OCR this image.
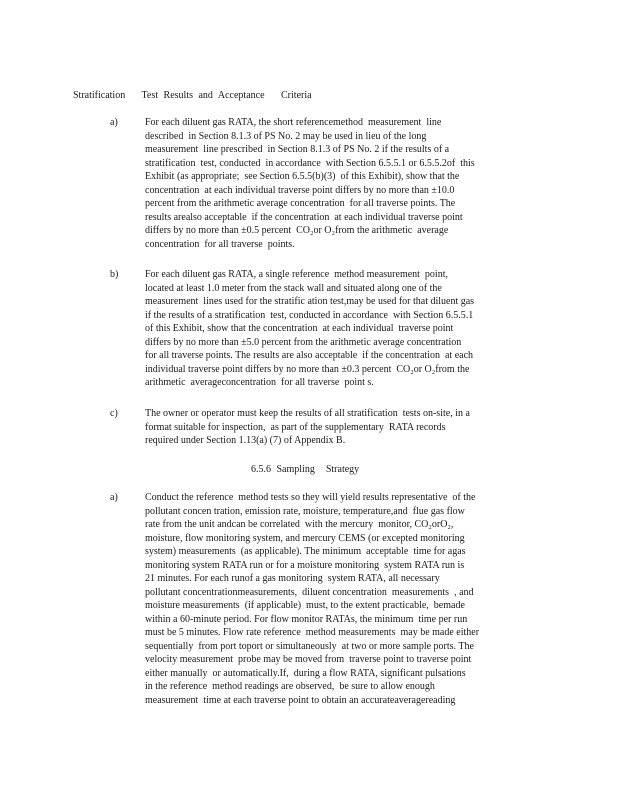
Stratification   Test Results and Acceptance   Criteria
a)	For each diluent gas RATA, the short referencemethod  measurement  line
described  in Section 8.1.3 of PS No. 2 may be used in lieu of the long
measurement  line prescribed  in Section 8.1.3 of PS No. 2 if the results of a
stratification  test, conducted  in accordance  with Section 6.5.5.1 or 6.5.5.2of  this
Exhibit (as appropriate;  see Section 6.5.5(b)(3)  of this Exhibit), show that the
concentration  at each individual traverse point differs by no more than ±10.0
percent from the arithmetic average concentration  for all traverse points. The
results arealso acceptable  if the concentration  at each individual traverse point
differs by no more than ±0.5 percent  CO₂or O₂from the arithmetic  average
concentration  for all traverse  points.
b)	For each diluent gas RATA, a single reference  method measurement  point,
located at least 1.0 meter from the stack wall and situated along one of the
measurement  lines used for the stratific ation test,may be used for that diluent gas
if the results of a stratification  test, conducted in accordance  with Section 6.5.5.1
of this Exhibit, show that the concentration  at each individual  traverse point
differs by no more than ±5.0 percent from the arithmetic average concentration
for all traverse points. The results are also acceptable  if the concentration  at each
individual traverse point differs by no more than ±0.3 percent  CO₂or O₂from the
arithmetic  averageconcentration  for all traverse  point s.
c)	The owner or operator must keep the results of all stratification  tests on-site, in a
format suitable for inspection,  as part of the supplementary  RATA records
required under Section 1.13(a) (7) of Appendix B.
6.5.6 Sampling  Strategy
a)	Conduct the reference  method tests so they will yield results representative  of the
pollutant concen tration, emission rate, moisture, temperature,and  flue gas flow
rate from the unit andcan be correlated  with the mercury  monitor, CO₂orO₂,
moisture, flow monitoring system, and mercury CEMS (or excepted monitoring
system) measurements  (as applicable). The minimum  acceptable  time for agas
monitoring system RATA run or for a moisture monitoring  system RATA run is
21 minutes. For each runof a gas monitoring  system RATA, all necessary
pollutant concentrationmeasurements,  diluent concentration  measurements  , and
moisture measurements  (if applicable)  must, to the extent practicable,  bemade
within a 60-minute period. For flow monitor RATAs, the minimum  time per run
must be 5 minutes. Flow rate reference  method measurements  may be made either
sequentially  from port toport or simultaneously  at two or more sample ports. The
velocity measurement  probe may be moved from  traverse point to traverse point
either manually  or automatically.If,  during a flow RATA, significant pulsations
in the reference  method readings are observed,  be sure to allow enough
measurement  time at each traverse point to obtain an accurateaveragereading
